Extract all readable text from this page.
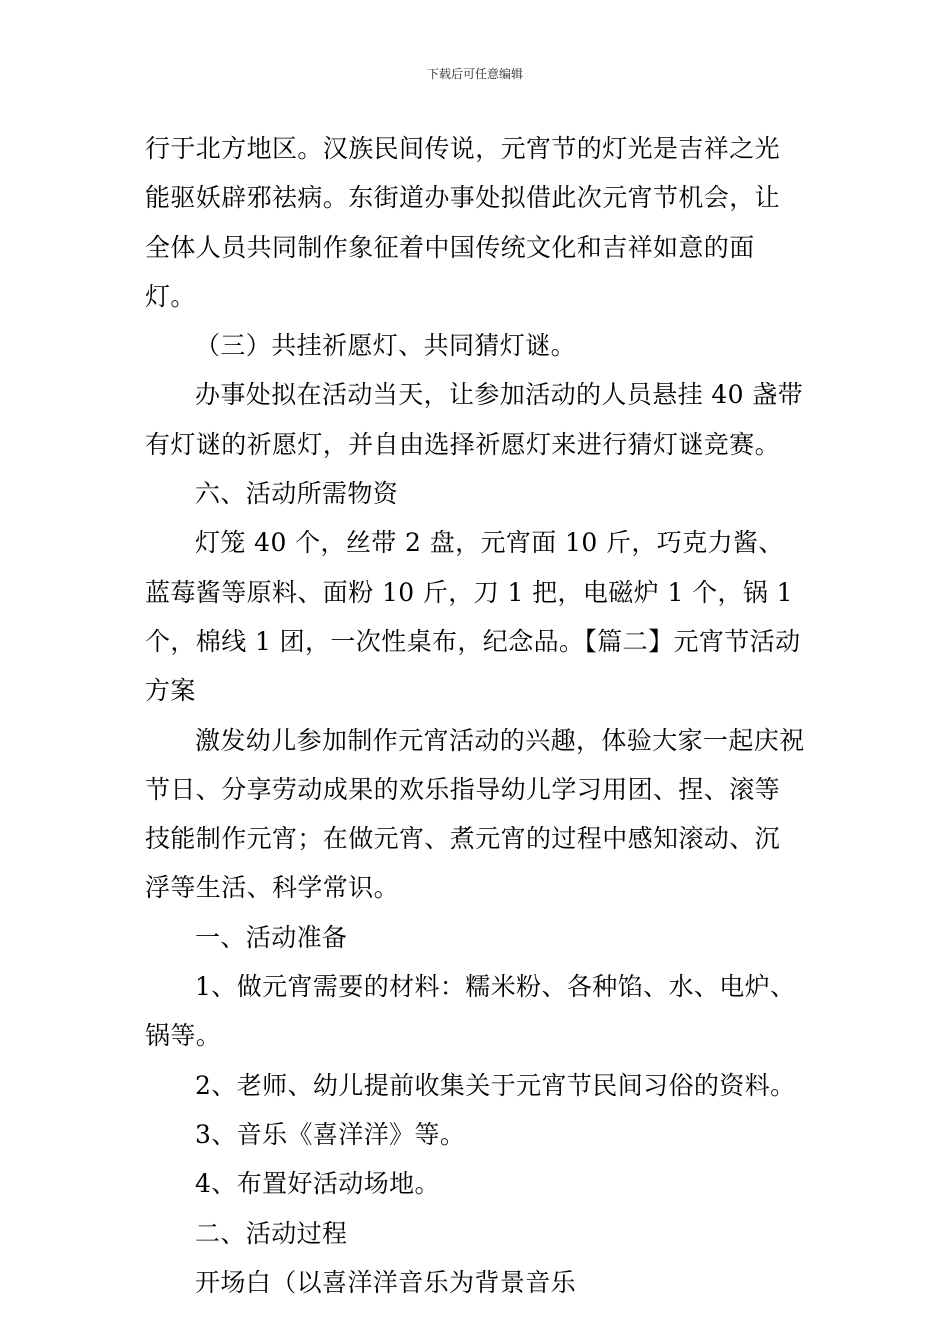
下载后可任意编辑

行于北方地区。汉族民间传说，元宵节的灯光是吉祥之光能驱妖辟邪祛病。东街道办事处拟借此次元宵节机会，让全体人员共同制作象征着中国传统文化和吉祥如意的面灯。

（三）共挂祈愿灯、共同猜灯谜。

办事处拟在活动当天，让参加活动的人员悬挂 40 盏带有灯谜的祈愿灯，并自由选择祈愿灯来进行猜灯谜竞赛。

六、活动所需物资

灯笼 40 个，丝带 2 盘，元宵面 10 斤，巧克力酱、蓝莓酱等原料、面粉 10 斤，刀 1 把，电磁炉 1 个，锅 1 个，棉线 1 团，一次性桌布，纪念品。【篇二】元宵节活动方案

激发幼儿参加制作元宵活动的兴趣，体验大家一起庆祝节日、分享劳动成果的欢乐指导幼儿学习用团、捏、滚等技能制作元宵；在做元宵、煮元宵的过程中感知滚动、沉浮等生活、科学常识。

一、活动准备

1、做元宵需要的材料：糯米粉、各种馅、水、电炉、锅等。

2、老师、幼儿提前收集关于元宵节民间习俗的资料。

3、音乐《喜洋洋》等。

4、布置好活动场地。

二、活动过程

开场白（以喜洋洋音乐为背景音乐
